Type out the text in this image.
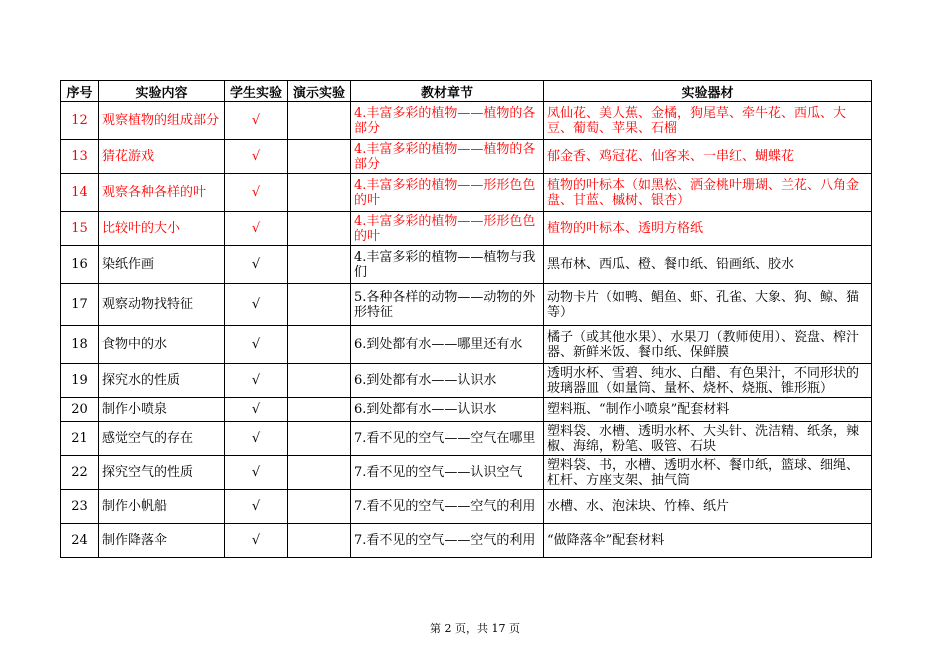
序号	实验内容	学生实验	演示实验	教材章节	实验器材
12	观察植物的组成部分	√		4.丰富多彩的植物——植物的各部分	凤仙花、美人蕉、金橘，狗尾草、牵牛花、西瓜、大豆、葡萄、苹果、石榴
13	猜花游戏	√		4.丰富多彩的植物——植物的各部分	郁金香、鸡冠花、仙客来、一串红、蝴蝶花
14	观察各种各样的叶	√		4.丰富多彩的植物——形形色色的叶	植物的叶标本（如黑松、洒金桃叶珊瑚、兰花、八角金盘、甘蓝、槭树、银杏）
15	比较叶的大小	√		4.丰富多彩的植物——形形色色的叶	植物的叶标本、透明方格纸
16	染纸作画	√		4.丰富多彩的植物——植物与我们	黑布林、西瓜、橙、餐巾纸、铅画纸、胶水
17	观察动物找特征	√		5.各种各样的动物——动物的外形特征	动物卡片（如鸭、鲳鱼、虾、孔雀、大象、狗、鲸、猫等）
18	食物中的水	√		6.到处都有水——哪里还有水	橘子（或其他水果）、水果刀（教师使用）、瓷盘、榨汁器、新鲜米饭、餐巾纸、保鲜膜
19	探究水的性质	√		6.到处都有水——认识水	透明水杯、雪碧、纯水、白醋、有色果汁，不同形状的玻璃器皿（如量筒、量杯、烧杯、烧瓶、锥形瓶）
20	制作小喷泉	√		6.到处都有水——认识水	塑料瓶、“制作小喷泉”配套材料
21	感觉空气的存在	√		7.看不见的空气——空气在哪里	塑料袋、水槽、透明水杯、大头针、洗洁精、纸条，辣椒、海绵，粉笔、吸管、石块
22	探究空气的性质	√		7.看不见的空气——认识空气	塑料袋、书，水槽、透明水杯、餐巾纸，篮球、细绳、杠杆、方座支架、抽气筒
23	制作小帆船	√		7.看不见的空气——空气的利用	水槽、水、泡沫块、竹棒、纸片
24	制作降落伞	√		7.看不见的空气——空气的利用	“做降落伞”配套材料
第 2 页，共 17 页
